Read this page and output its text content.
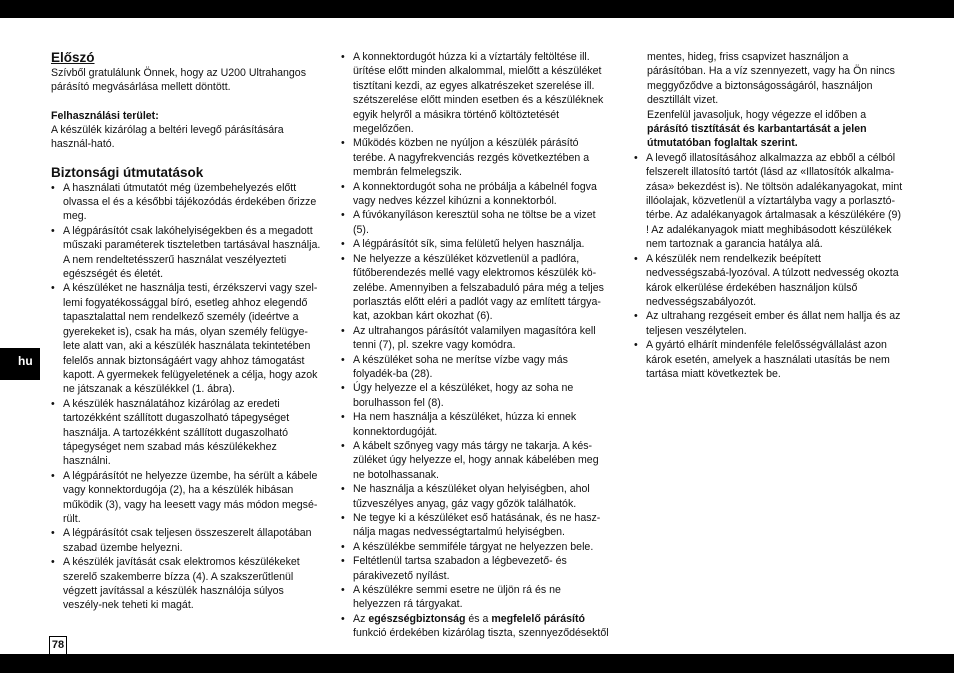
hu
Előszó

Szívből gratulálunk Önnek, hogy az U200 Ultrahangos párásító megvásárlása mellett döntött.

Felhasználási terület:

A készülék kizárólag a beltéri levegő párásítására használ-ható.

Biztonsági útmutatások
• A használati útmutatót még üzembehelyezés előtt olvassa el és a későbbi tájékozódás érdekében őrizze meg.
• A légpárásítót csak lakóhelyiségekben és a megadott műszaki paraméterek tiszteletben tartásával használja. A nem rendeltetésszerű használat veszélyezteti egészségét és életét.
• A készüléket ne használja testi, érzékszervi vagy szel-lemi fogyatékossággal bíró, esetleg ahhoz elegendő tapasztalattal nem rendelkező személy (ideértve a gyerekeket is), csak ha más, olyan személy felügye-lete alatt van, aki a készülék használata tekintetében felelős annak biztonságáért vagy ahhoz támogatást kapott. A gyermekek felügyeletének a célja, hogy azok ne játszanak a készülékkel (1. ábra).
• A készülék használatához kizárólag az eredeti tartozékként szállított dugaszolható tápegységet használja. A tartozékként szállított dugaszolható tápegységet nem szabad más készülékekhez használni.
• A légpárásítót ne helyezze üzembe, ha sérült a kábele vagy konnektordugója (2), ha a készülék hibásan működik (3), vagy ha leesett vagy más módon megsé-rült.
• A légpárásítót csak teljesen összeszerelt állapotában szabad üzembe helyezni.
• A készülék javítását csak elektromos készülékeket szerelő szakemberre bízza (4). A szakszerűtlenül végzett javítással a készülék használója súlyos veszély-nek teheti ki magát.
• A konnektordugót húzza ki a víztartály feltöltése ill. ürítése előtt minden alkalommal, mielőtt a készüléket tisztítani kezdi, az egyes alkatrészeket szerelése ill. szétszerelése előtt minden esetben és a készüléknek egyik helyről a másikra történő költöztetését megelőzően.
• Működés közben ne nyúljon a készülék párásító terébe. A nagyfrekvenciás rezgés következtében a membrán felmelegszik.
• A konnektordugót soha ne próbálja a kábelnél fogva vagy nedves kézzel kihúzni a konnektorból.
• A fúvókanyíláson keresztül soha ne töltse be a vizet (5).
• A légpárásítót sík, sima felületű helyen használja.
• Ne helyezze a készüléket közvetlenül a padlóra, fűtőberendezés mellé vagy elektromos készülék kö-zelébe. Amennyiben a felszabaduló pára még a teljes porlasztás előtt eléri a padlót vagy az említett tárgya-kat, azokban kárt okozhat (6).
• Az ultrahangos párásítót valamilyen magasítóra kell tenni (7), pl. szekre vagy komódra.
• A készüléket soha ne merítse vízbe vagy más folyadék-ba (28).
• Úgy helyezze el a készüléket, hogy az soha ne borulhasson fel (8).
• Ha nem használja a készüléket, húzza ki ennek konnektordugóját.
• A kábelt szőnyeg vagy más tárgy ne takarja. A kés-züléket úgy helyezze el, hogy annak kábelében meg ne botolhassanak.
• Ne használja a készüléket olyan helyiségben, ahol tűzveszélyes anyag, gáz vagy gőzök találhatók.
• Ne tegye ki a készüléket eső hatásának, és ne hasz-nálja magas nedvességtartalmú helyiségben.
• A készülékbe semmiféle tárgyat ne helyezzen bele.
• Feltétlenül tartsa szabadon a légbevezető- és párakivezető nyílást.
• A készülékre semmi esetre ne üljön rá és ne helyezzen rá tárgyakat.
• Az egészségbiztonság és a megfelelő párásító funkció érdekében kizárólag tiszta, szennyeződésektől

mentes, hideg, friss csapvizet használjon a párásítóban. Ha a víz szennyezett, vagy ha Ön nincs meggyőződve a biztonságosságáról, használjon desztillált vizet.

Ezenfelül javasoljuk, hogy végezze el időben a párásító tisztítását és karbantartását a jelen útmutatóban foglaltak szerint.

• A levegő illatosításához alkalmazza az ebből a célból felszerelt illatosító tartót (lásd az «Illatosítók alkalma-zása» bekezdést is). Ne töltsön adalékanyagokat, mint illóolajak, közvetlenül a víztartályba vagy a porlasztó-térbe. Az adalékanyagok ártalmasak a készülékére (9) ! Az adalékanyagok miatt meghibásodott készülékek nem tartoznak a garancia hatálya alá.
• A készülék nem rendelkezik beépített nedvességszabá-lyozóval. A túlzott nedvesség okozta károk elkerülése érdekében használjon külső nedvességszabályozót.
• Az ultrahang rezgéseit ember és állat nem hallja és az teljesen veszélytelen.
• A gyártó elhárít mindenféle felelősségvállalást azon károk esetén, amelyek a használati utasítás be nem tartása miatt következtek be.
78
